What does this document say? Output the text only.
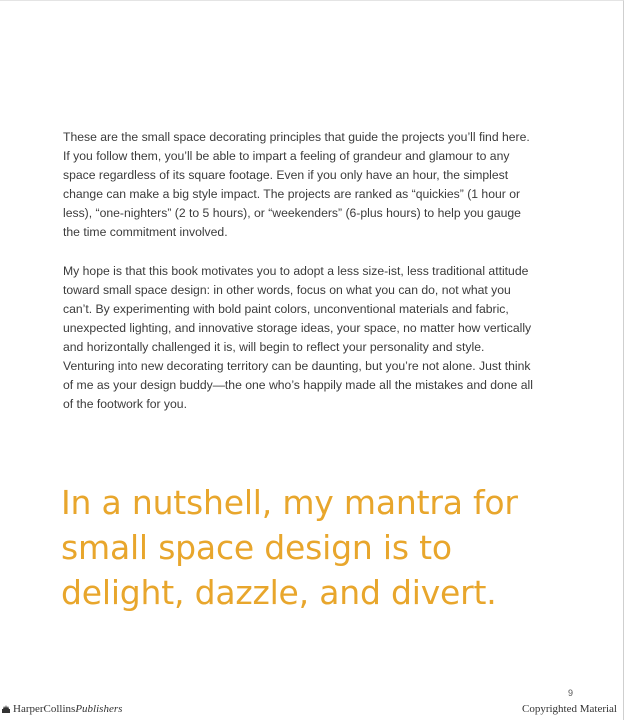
These are the small space decorating principles that guide the projects you’ll find here. If you follow them, you’ll be able to impart a feeling of grandeur and glamour to any space regardless of its square footage. Even if you only have an hour, the simplest change can make a big style impact. The projects are ranked as “quickies” (1 hour or less), “one-nighters” (2 to 5 hours), or “weekenders” (6-plus hours) to help you gauge the time commitment involved.

My hope is that this book motivates you to adopt a less size-ist, less traditional attitude toward small space design: in other words, focus on what you can do, not what you can’t. By experimenting with bold paint colors, unconventional materials and fabric, unexpected lighting, and innovative storage ideas, your space, no matter how vertically and horizontally challenged it is, will begin to reflect your personality and style. Venturing into new decorating territory can be daunting, but you’re not alone. Just think of me as your design buddy—the one who’s happily made all the mistakes and done all of the footwork for you.

In a nutshell, my mantra for
small space design is to
delight, dazzle, and divert.
9
HarperCollins Publishers	Copyrighted Material
